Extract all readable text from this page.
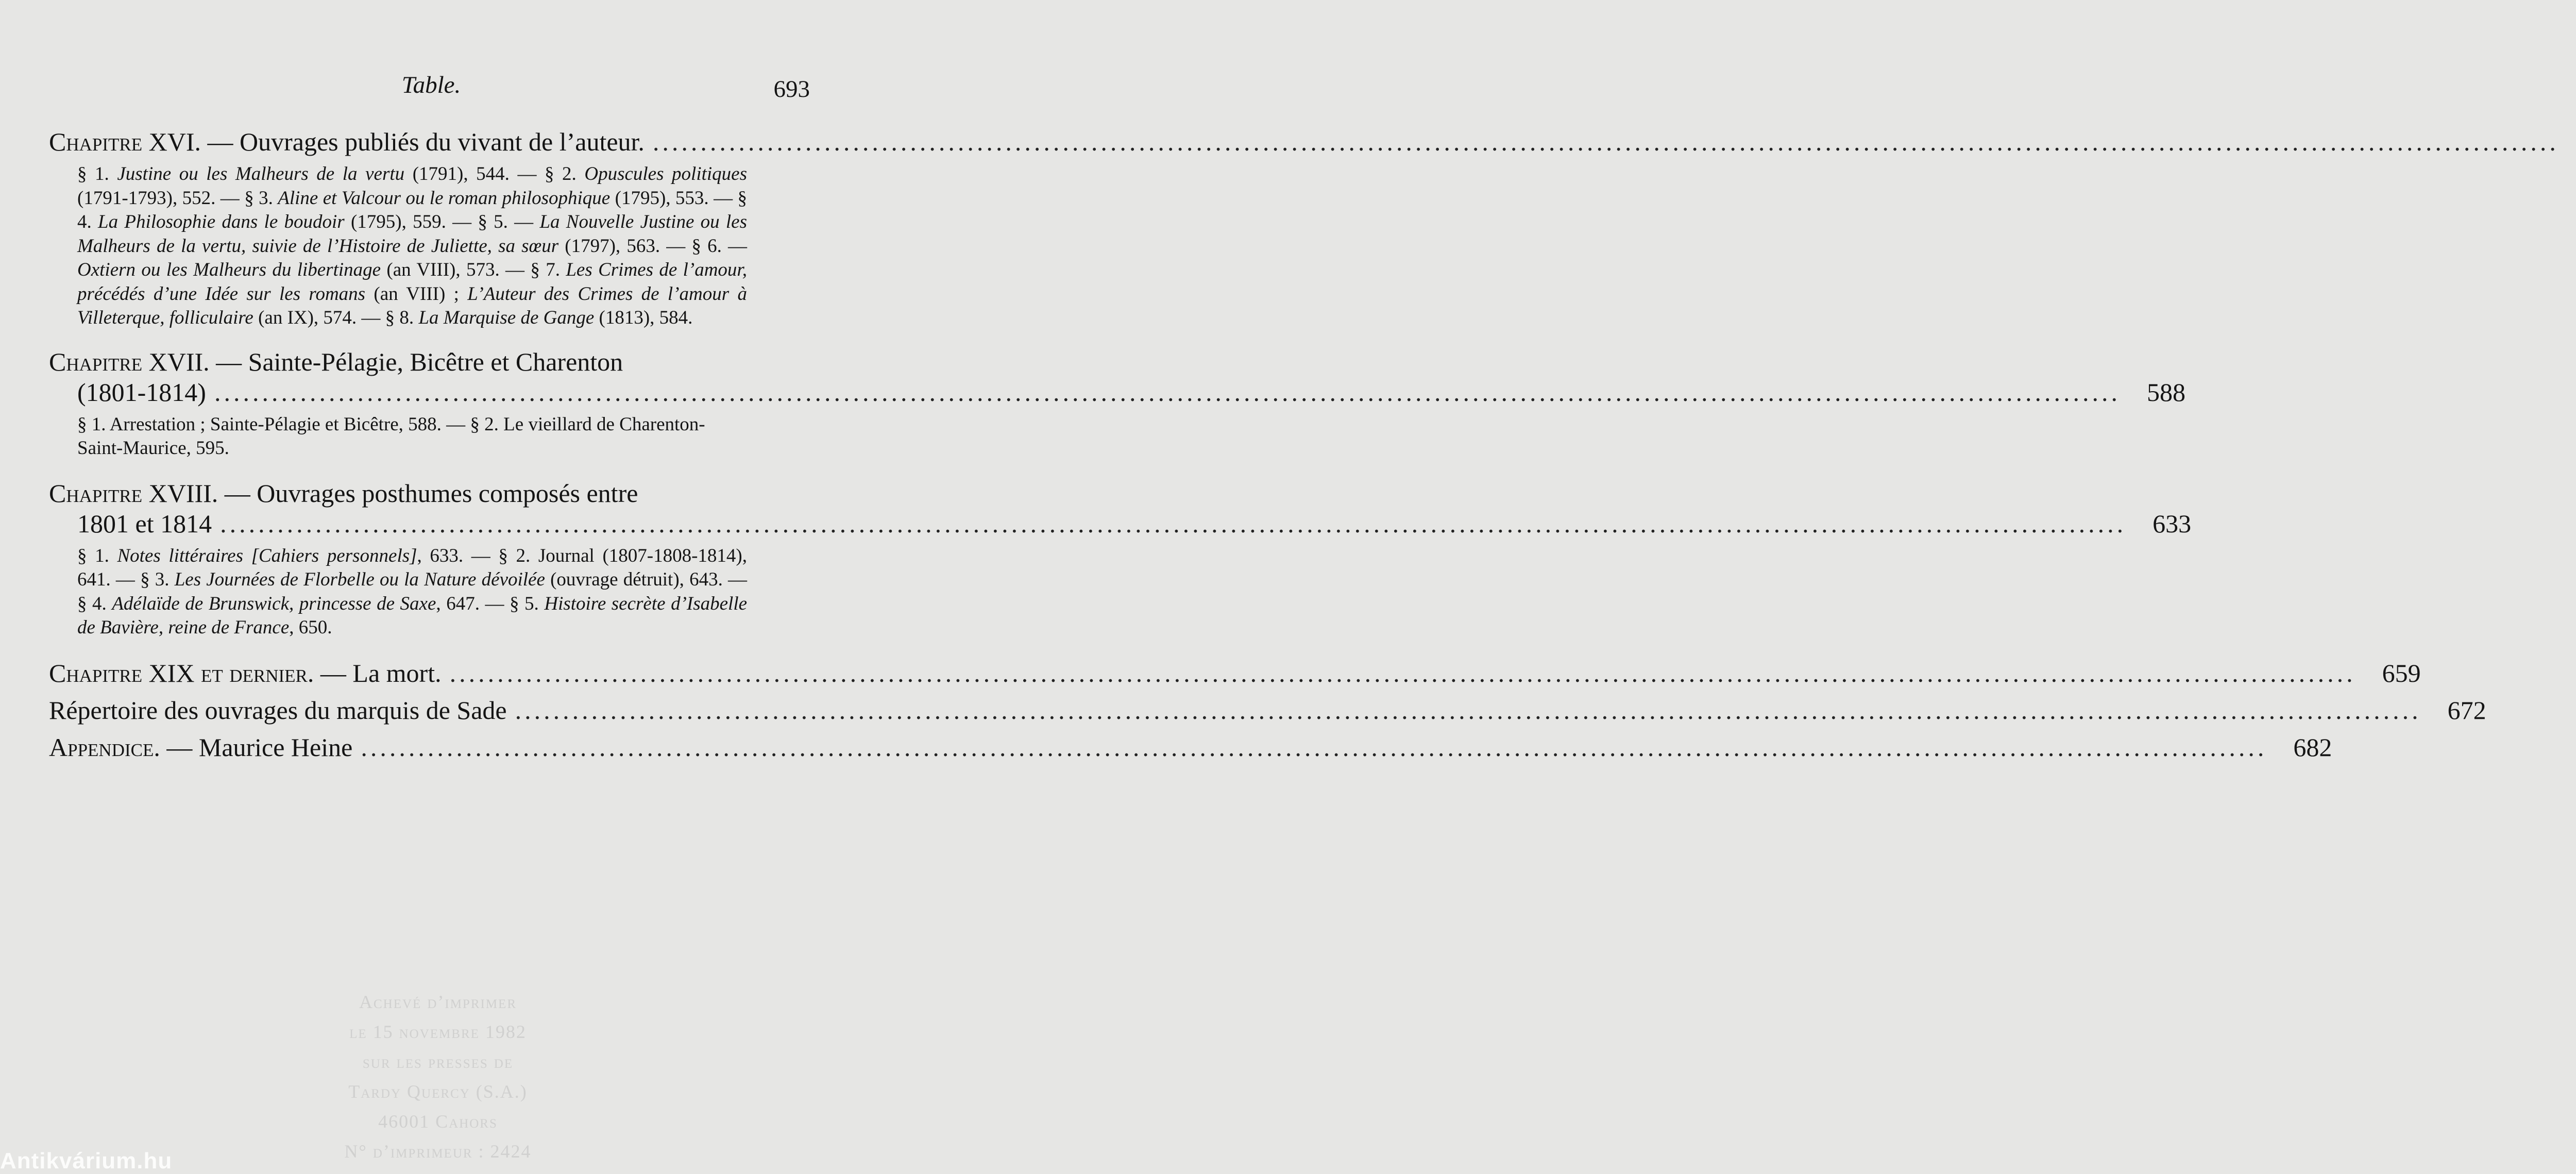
Table.	693
Chapitre XVI. — Ouvrages publiés du vivant de l’auteur. ........................................................................................................................................................................................................
§ 1. Justine ou les Malheurs de la vertu (1791), 544. — § 2. Opuscules politiques (1791-1793), 552. — § 3. Aline et Valcour ou le roman philosophique (1795), 553. — § 4. La Philosophie dans le boudoir (1795), 559. — § 5. — La Nouvelle Justine ou les Malheurs de la vertu, suivie de l’Histoire de Juliette, sa sœur (1797), 563. — § 6. — Oxtiern ou les Malheurs du libertinage (an VIII), 573. — § 7. Les Crimes de l’amour, précédés d’une Idée sur les romans (an VIII) ; L’Auteur des Crimes de l’amour à Villeterque, folliculaire (an IX), 574. — § 8. La Marquise de Gange (1813), 584.
Chapitre XVII. — Sainte-Pélagie, Bicêtre et Charenton
(1801-1814) ........................................................................................................................................................................................................	588
§ 1. Arrestation ; Sainte-Pélagie et Bicêtre, 588. — § 2. Le vieillard de Charenton-Saint-Maurice, 595.
Chapitre XVIII. — Ouvrages posthumes composés entre
1801 et 1814 ........................................................................................................................................................................................................	633
§ 1. Notes littéraires [Cahiers personnels], 633. — § 2. Journal (1807-1808-1814), 641. — § 3. Les Journées de Florbelle ou la Nature dévoilée (ouvrage détruit), 643. — § 4. Adélaïde de Brunswick, princesse de Saxe, 647. — § 5. Histoire secrète d’Isabelle de Bavière, reine de France, 650.
Chapitre XIX et dernier. — La mort. ........................................................................................................................................................................................................	659
Répertoire des ouvrages du marquis de Sade ........................................................................................................................................................................................................	672
Appendice. — Maurice Heine ........................................................................................................................................................................................................	682
Achevé d’imprimer
le 15 novembre 1982
sur les presses de
Tardy Quercy (S.A.)
46001 Cahors
N° d’imprimeur : 2424
Antikvárium.hu
